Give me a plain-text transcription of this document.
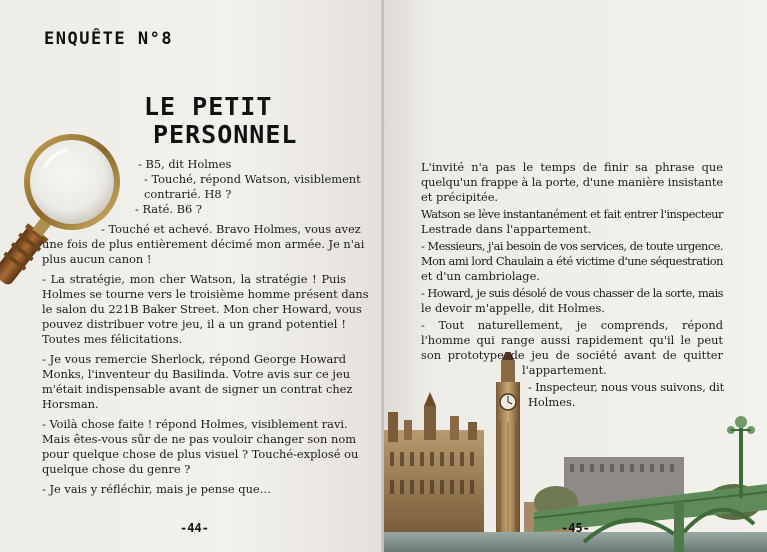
ENQUÊTE N°8
LE PETIT
PERSONNEL
- B5, dit Holmes
- Touché, répond Watson, visiblement
contrarié. H8 ?
- Raté. B6 ?
- Touché et achevé. Bravo Holmes, vous avez
une fois de plus entièrement décimé mon armée. Je n'ai
plus aucun canon !
- La stratégie, mon cher Watson, la stratégie ! Puis
Holmes se tourne vers le troisième homme présent dans
le salon du 221B Baker Street. Mon cher Howard, vous
pouvez distribuer votre jeu, il a un grand potentiel !
Toutes mes félicitations.
- Je vous remercie Sherlock, répond George Howard
Monks, l'inventeur du Basilinda. Votre avis sur ce jeu
m'était indispensable avant de signer un contrat chez
Horsman.
- Voilà chose faite ! répond Holmes, visiblement ravi.
Mais êtes-vous sûr de ne pas vouloir changer son nom
pour quelque chose de plus visuel ? Touché-explosé ou
quelque chose du genre ?
- Je vais y réfléchir, mais je pense que…
-44-
L'invité n'a pas le temps de finir sa phrase que
quelqu'un frappe à la porte, d'une manière insistante
et précipitée.
Watson se lève instantanément et fait entrer l'inspecteur
Lestrade dans l'appartement.
- Messieurs, j'ai besoin de vos services, de toute urgence.
Mon ami lord Chaulain a été victime d'une séquestration
et d'un cambriolage.
- Howard, je suis désolé de vous chasser de la sorte, mais
le devoir m'appelle, dit Holmes.
- Tout naturellement, je comprends, répond
l'homme qui range aussi rapidement qu'il le peut
son prototype de jeu de société avant de quitter
l'appartement.
- Inspecteur, nous vous suivons, dit
Holmes.
-45-
